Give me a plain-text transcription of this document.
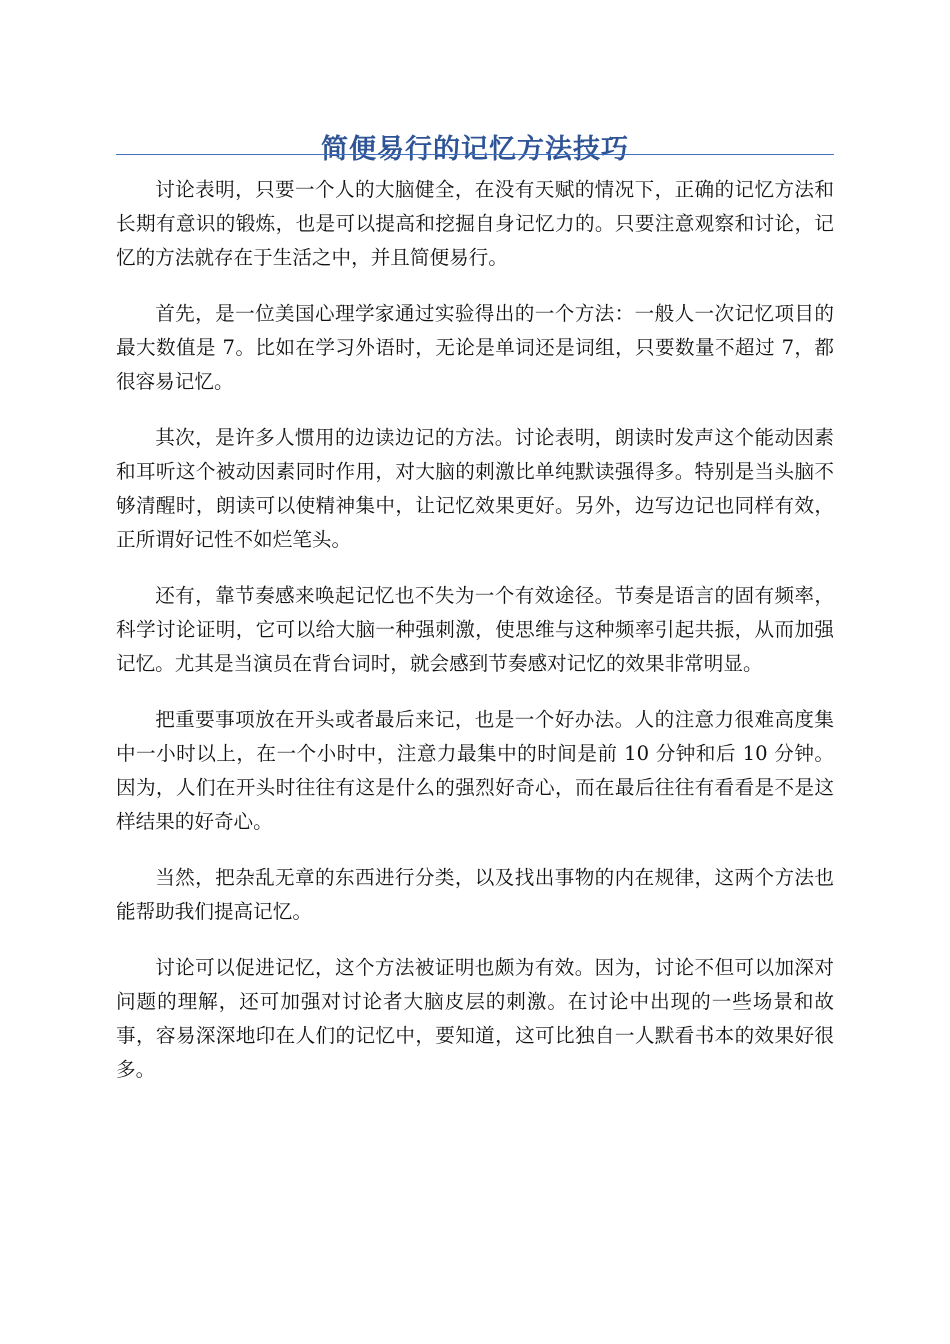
简便易行的记忆方法技巧

讨论表明，只要一个人的大脑健全，在没有天赋的情况下，正确的记忆方法和长期有意识的锻炼，也是可以提高和挖掘自身记忆力的。只要注意观察和讨论，记忆的方法就存在于生活之中，并且简便易行。

首先，是一位美国心理学家通过实验得出的一个方法：一般人一次记忆项目的最大数值是 7。比如在学习外语时，无论是单词还是词组，只要数量不超过 7，都很容易记忆。

其次，是许多人惯用的边读边记的方法。讨论表明，朗读时发声这个能动因素和耳听这个被动因素同时作用，对大脑的刺激比单纯默读强得多。特别是当头脑不够清醒时，朗读可以使精神集中，让记忆效果更好。另外，边写边记也同样有效，正所谓好记性不如烂笔头。

还有，靠节奏感来唤起记忆也不失为一个有效途径。节奏是语言的固有频率，科学讨论证明，它可以给大脑一种强刺激，使思维与这种频率引起共振，从而加强记忆。尤其是当演员在背台词时，就会感到节奏感对记忆的效果非常明显。

把重要事项放在开头或者最后来记，也是一个好办法。人的注意力很难高度集中一小时以上，在一个小时中，注意力最集中的时间是前 10 分钟和后 10 分钟。因为，人们在开头时往往有这是什么的强烈好奇心，而在最后往往有看看是不是这样结果的好奇心。

当然，把杂乱无章的东西进行分类，以及找出事物的内在规律，这两个方法也能帮助我们提高记忆。

讨论可以促进记忆，这个方法被证明也颇为有效。因为，讨论不但可以加深对问题的理解，还可加强对讨论者大脑皮层的刺激。在讨论中出现的一些场景和故事，容易深深地印在人们的记忆中，要知道，这可比独自一人默看书本的效果好很多。
